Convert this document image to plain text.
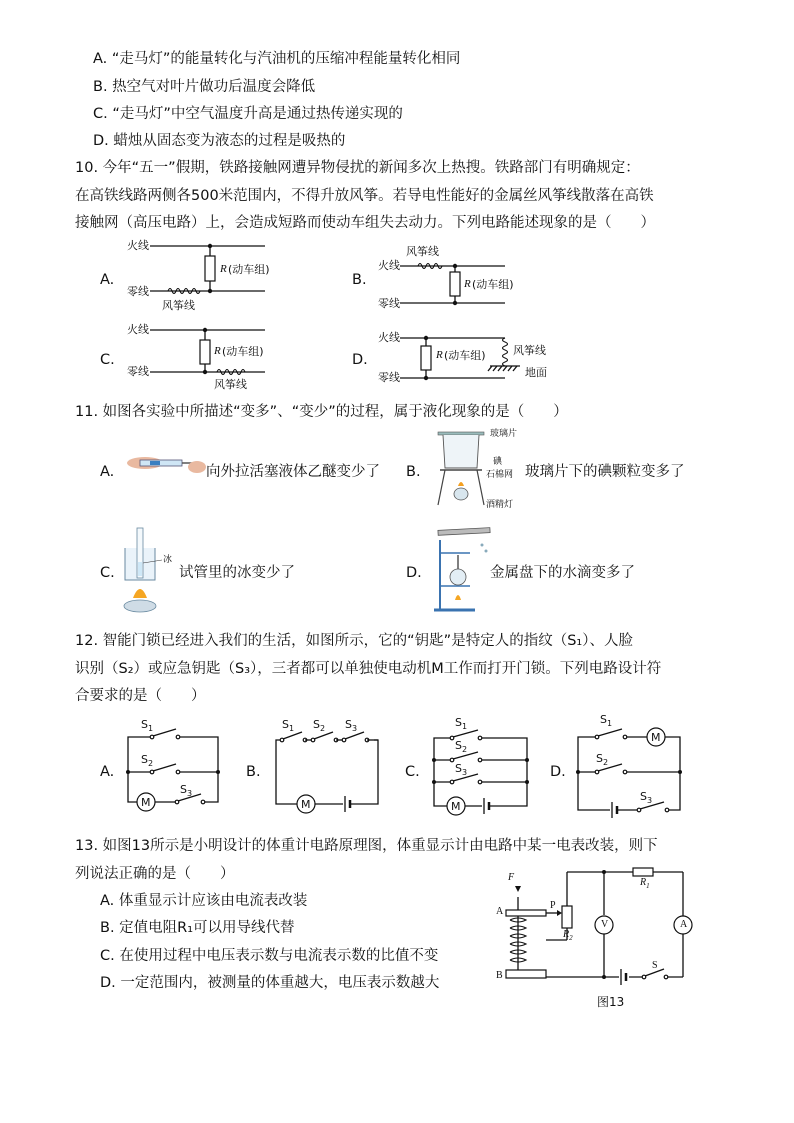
A. “走马灯”的能量转化与汽油机的压缩冲程能量转化相同
B. 热空气对叶片做功后温度会降低
C. “走马灯”中空气温度升高是通过热传递实现的
D. 蜡烛从固态变为液态的过程是吸热的
10. 今年“五一”假期，铁路接触网遭异物侵扰的新闻多次上热搜。铁路部门有明确规定：
在高铁线路两侧各500米范围内，不得升放风筝。若导电性能好的金属丝风筝线散落在高铁
接触网（高压电路）上，会造成短路而使动车组失去动力。下列电路能述现象的是（　　）
A.
火线
零线
风筝线
R (动车组)
B.
火线
零线
风筝线
R (动车组)
C.
火线
零线
风筝线
R (动车组)
D.
火线
零线
风筝线
地面
R (动车组)
11. 如图各实验中所描述“变多”、“变少”的过程，属于液化现象的是（　　）
A.	向外拉活塞液体乙醚变少了 B.
玻璃片
碘
石棉网
酒精灯
玻璃片下的碘颗粒变多了
C.
冰
试管里的冰变少了	D.	金属盘下的水滴变多了
12. 智能门锁已经进入我们的生活，如图所示，它的“钥匙”是特定人的指纹（S₁）、人脸
识别（S₂）或应急钥匙（S₃），三者都可以单独使电动机M工作而打开门锁。下列电路设计符
合要求的是（　　）
A.	B.	C.	D.
$S_1$
$S_2$
$S_3$
M
$S_1$ $S_2$ $S_3$
M
$S_1$
$S_2$
$S_3$
M
$S_1$
$S_2$
$S_3$
M
13. 如图13所示是小明设计的体重计电路原理图，体重显示计由电路中某一电表改装，则下
列说法正确的是（　　）
A. 体重显示计应该由电流表改装
B. 定值电阻R₁可以用导线代替
C. 在使用过程中电压表示数与电流表示数的比值不变
D. 一定范围内，被测量的体重越大，电压表示数越大
F
A
B
P
$R_2$
$R_1$
V	A
S
图13
